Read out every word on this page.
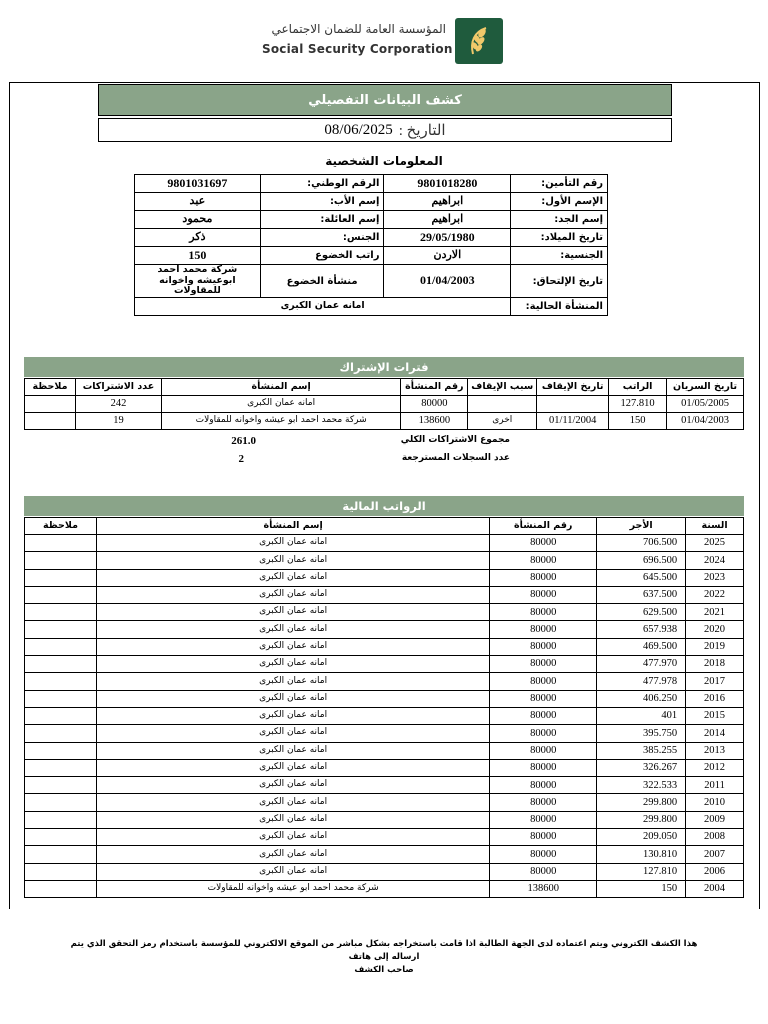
المؤسسة العامة للضمان الاجتماعي
Social Security Corporation
كشف البيانات التفصيلي
التاريخ :
08/06/2025
المعلومات الشخصية
رقم التأمين:	9801018280	الرقم الوطني:	9801031697
الإسم الأول:	ابراهيم	إسم الأب:	عبد
إسم الجد:	ابراهيم	إسم العائلة:	محمود
تاريخ الميلاد:	29/05/1980	الجنس:	ذكر
الجنسية:	الاردن	راتب الخضوع	150
تاريخ الإلتحاق:	01/04/2003	منشأة الخضوع	شركة محمد احمد ابوعيشه واخوانه للمقاولات
المنشأة الحالية:	امانه عمان الكبرى		
فترات الإشتراك
تاريخ السريان	الراتب	تاريخ الإيقاف	سبب الإيقاف	رقم المنشأة	إسم المنشأة	عدد الاشتراكات	ملاحظة
01/05/2005	127.810			80000	امانه عمان الكبرى	242	
01/04/2003	150	01/11/2004	اخرى	138600	شركة محمد احمد ابو عيشه واخوانه للمقاولات	19	
مجموع الاشتراكات الكلي
261.0
عدد السجلات المسترجعة
2
الرواتب المالية
السنة	الأجر	رقم المنشأة	إسم المنشأة	ملاحظة
2025	706.500	80000	امانه عمان الكبرى	
2024	696.500	80000	امانه عمان الكبرى	
2023	645.500	80000	امانه عمان الكبرى	
2022	637.500	80000	امانه عمان الكبرى	
2021	629.500	80000	امانه عمان الكبرى	
2020	657.938	80000	امانه عمان الكبرى	
2019	469.500	80000	امانه عمان الكبرى	
2018	477.970	80000	امانه عمان الكبرى	
2017	477.978	80000	امانه عمان الكبرى	
2016	406.250	80000	امانه عمان الكبرى	
2015	401	80000	امانه عمان الكبرى	
2014	395.750	80000	امانه عمان الكبرى	
2013	385.255	80000	امانه عمان الكبرى	
2012	326.267	80000	امانه عمان الكبرى	
2011	322.533	80000	امانه عمان الكبرى	
2010	299.800	80000	امانه عمان الكبرى	
2009	299.800	80000	امانه عمان الكبرى	
2008	209.050	80000	امانه عمان الكبرى	
2007	130.810	80000	امانه عمان الكبرى	
2006	127.810	80000	امانه عمان الكبرى	
2004	150	138600	شركة محمد احمد ابو عيشه واخوانه للمقاولات	
هذا الكشف الكتروني ويتم اعتماده لدى الجهة الطالبة اذا قامت باستخراجه بشكل مباشر من الموقع الالكتروني للمؤسسة باستخدام رمز التحقق الذي يتم ارساله إلى هاتف
صاحب الكشف
